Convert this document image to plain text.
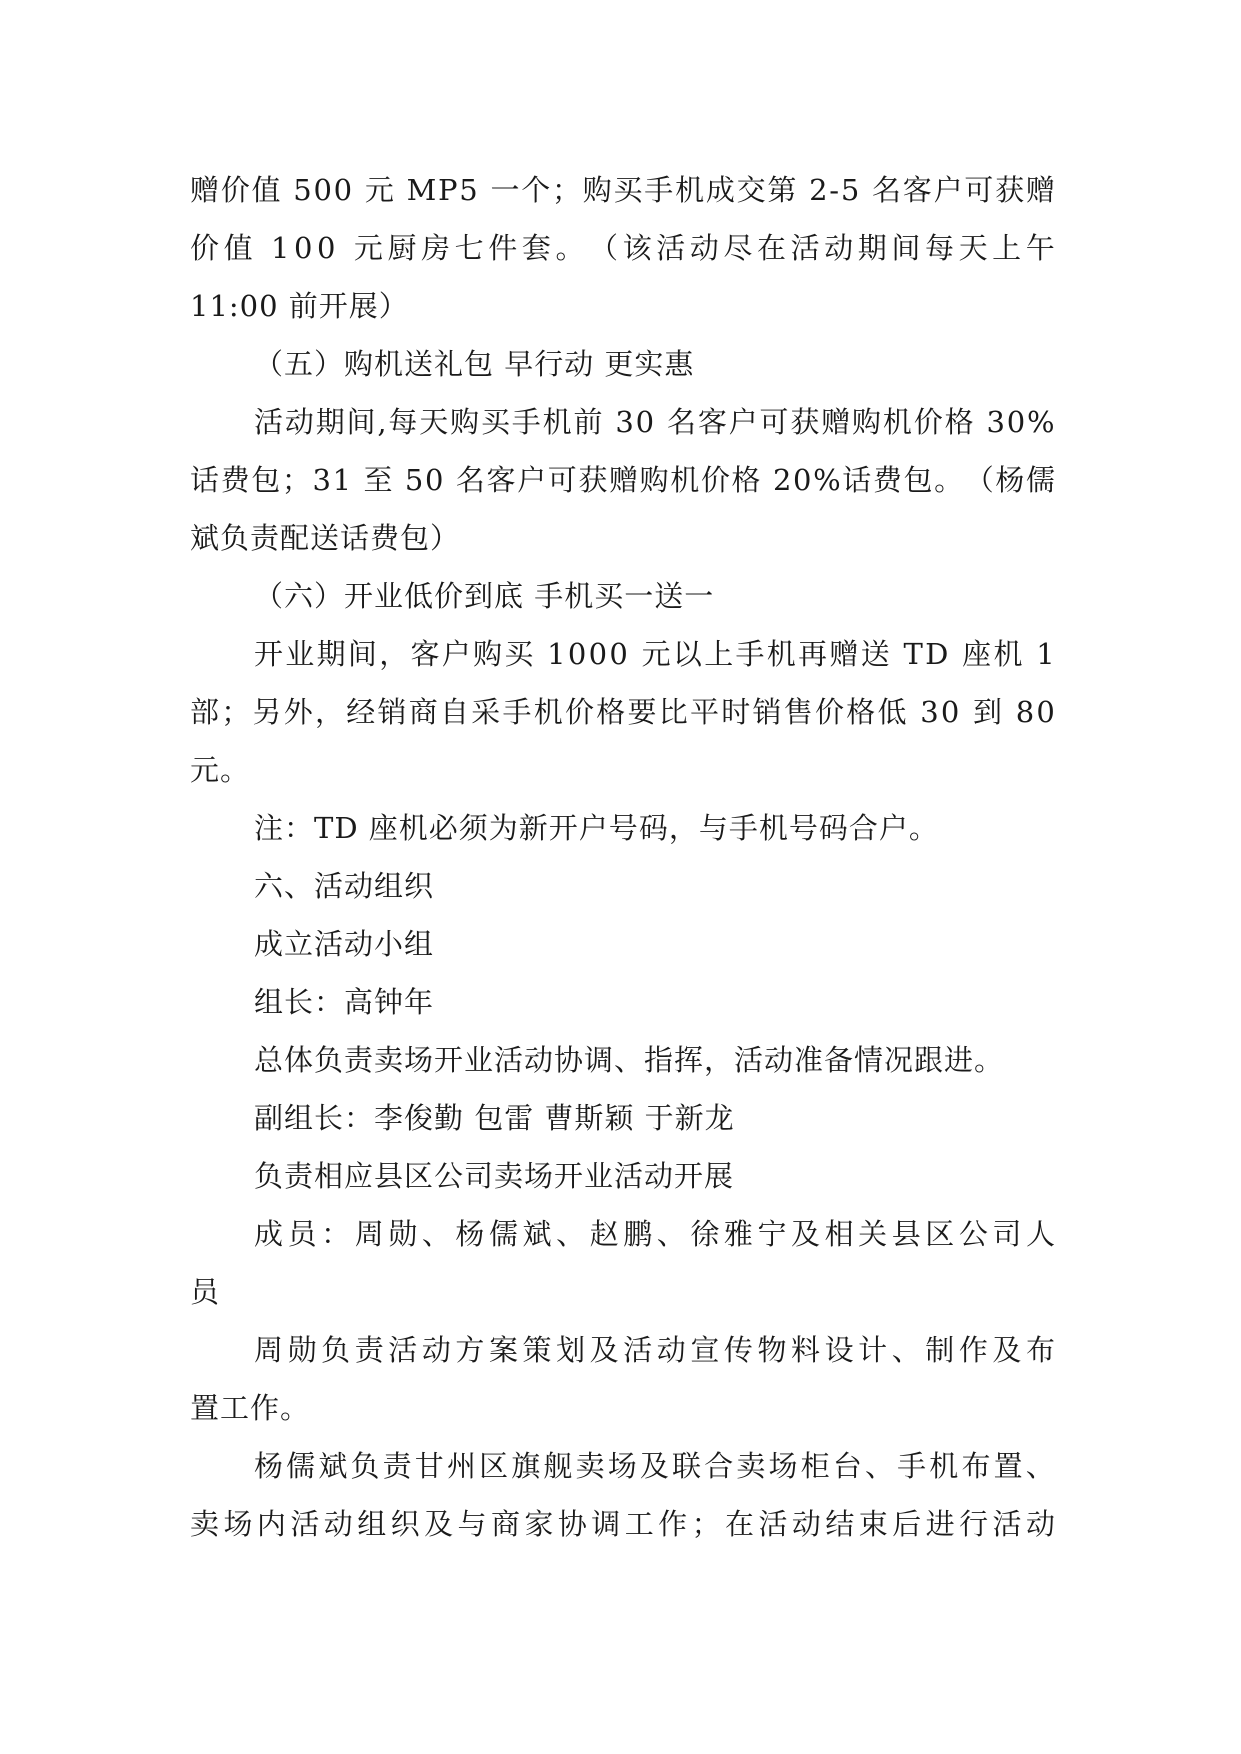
赠 价 值
5 0 0
元
M P 5
一 个 ； 购 买 手 机 成 交 第
2 - 5
名 客 户 可 获 赠
价 值
1 0 0
元 厨 房 七 件 套 。 （ 该 活 动 尽 在 活 动 期 间 每 天 上 午
11:00 前开展）
（五）购机送礼包 早行动 更实惠
活 动 期 间 , 每 天 购 买 手 机 前
3 0
名 客 户 可 获 赠 购 机 价 格
3 0 %
话 费 包 ； 3 1
至
5 0
名 客 户 可 获 赠 购 机 价 格
2 0 % 话 费 包 。 （ 杨 儒
斌负责配送话费包）
（六）开业低价到底 手机买一送一
开 业 期 间 ， 客 户 购 买
1 0 0 0
元 以 上 手 机 再 赠 送
T D
座 机
1
部 ； 另 外 ， 经 销 商 自 采 手 机 价 格 要 比 平 时 销 售 价 格 低
3 0
到
8 0
元。
注：TD 座机必须为新开户号码，与手机号码合户。
六、活动组织
成立活动小组
组长：高钟年
总体负责卖场开业活动协调、指挥，活动准备情况跟进。
副组长：李俊勤 包雷 曹斯颖 于新龙
负责相应县区公司卖场开业活动开展
成 员 ： 周 勋 、 杨 儒 斌 、 赵 鹏 、 徐 雅 宁 及 相 关 县 区 公 司 人
员
周 勋 负 责 活 动 方 案 策 划 及 活 动 宣 传 物 料 设 计 、 制 作 及 布
置工作。
杨 儒 斌 负 责 甘 州 区 旗 舰 卖 场 及 联 合 卖 场 柜 台 、 手 机 布 置 、
卖 场 内 活 动 组 织 及 与 商 家 协 调 工 作 ； 在 活 动 结 束 后 进 行 活 动
